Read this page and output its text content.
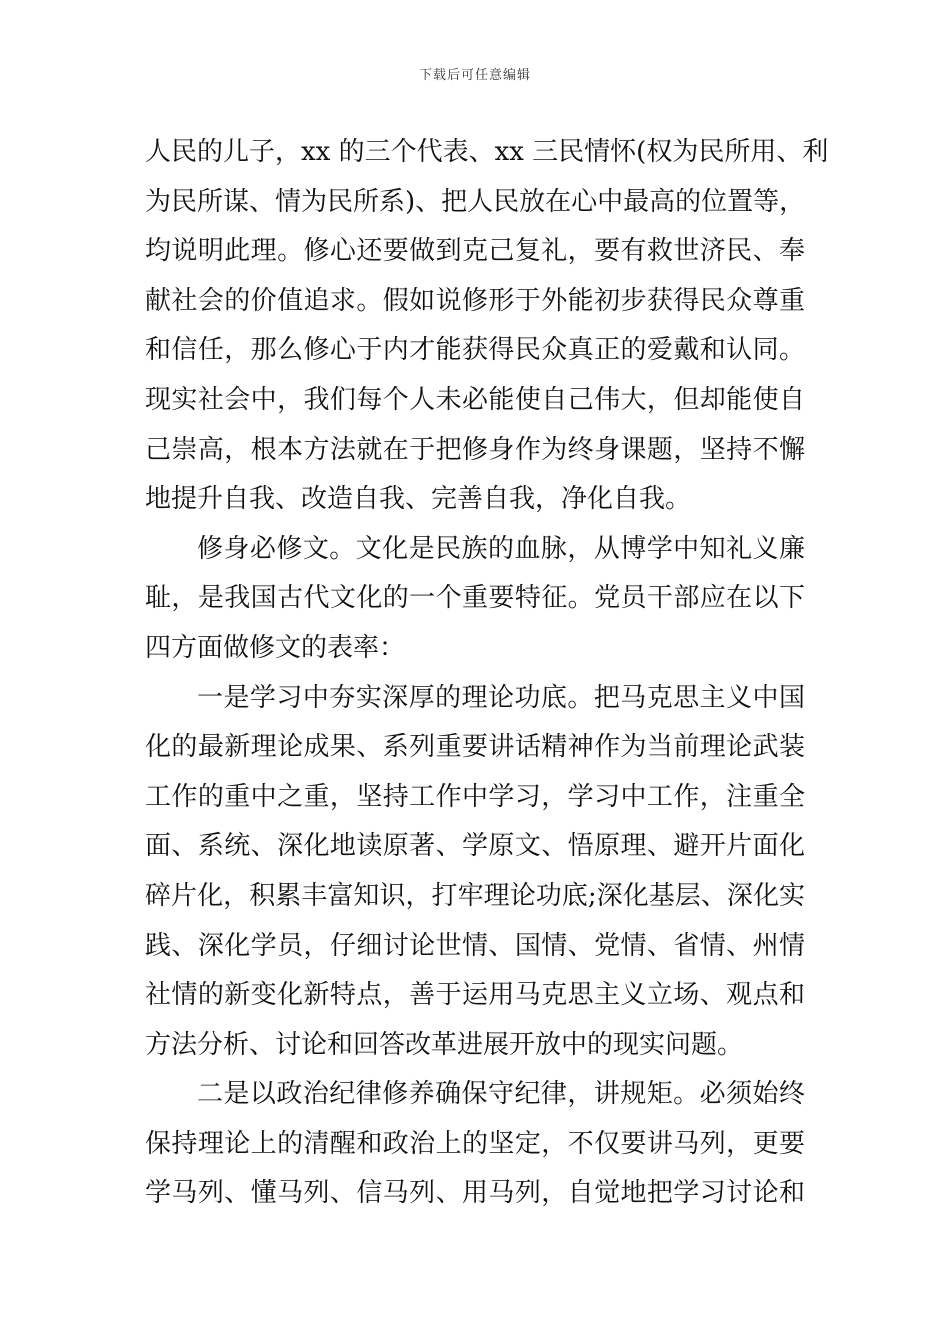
下载后可任意编辑
人民的儿子，xx 的三个代表、xx 三民情怀(权为民所用、利
为民所谋、情为民所系)、把人民放在心中最高的位置等，
均说明此理。修心还要做到克己复礼，要有救世济民、奉
献社会的价值追求。假如说修形于外能初步获得民众尊重
和信任，那么修心于内才能获得民众真正的爱戴和认同。
现实社会中，我们每个人未必能使自己伟大，但却能使自
己崇高，根本方法就在于把修身作为终身课题，坚持不懈
地提升自我、改造自我、完善自我，净化自我。
修身必修文。文化是民族的血脉，从博学中知礼义廉
耻，是我国古代文化的一个重要特征。党员干部应在以下
四方面做修文的表率：
一是学习中夯实深厚的理论功底。把马克思主义中国
化的最新理论成果、系列重要讲话精神作为当前理论武装
工作的重中之重，坚持工作中学习，学习中工作，注重全
面、系统、深化地读原著、学原文、悟原理、避开片面化
碎片化，积累丰富知识，打牢理论功底;深化基层、深化实
践、深化学员，仔细讨论世情、国情、党情、省情、州情
社情的新变化新特点，善于运用马克思主义立场、观点和
方法分析、讨论和回答改革进展开放中的现实问题。
二是以政治纪律修养确保守纪律，讲规矩。必须始终
保持理论上的清醒和政治上的坚定，不仅要讲马列，更要
学马列、懂马列、信马列、用马列，自觉地把学习讨论和
